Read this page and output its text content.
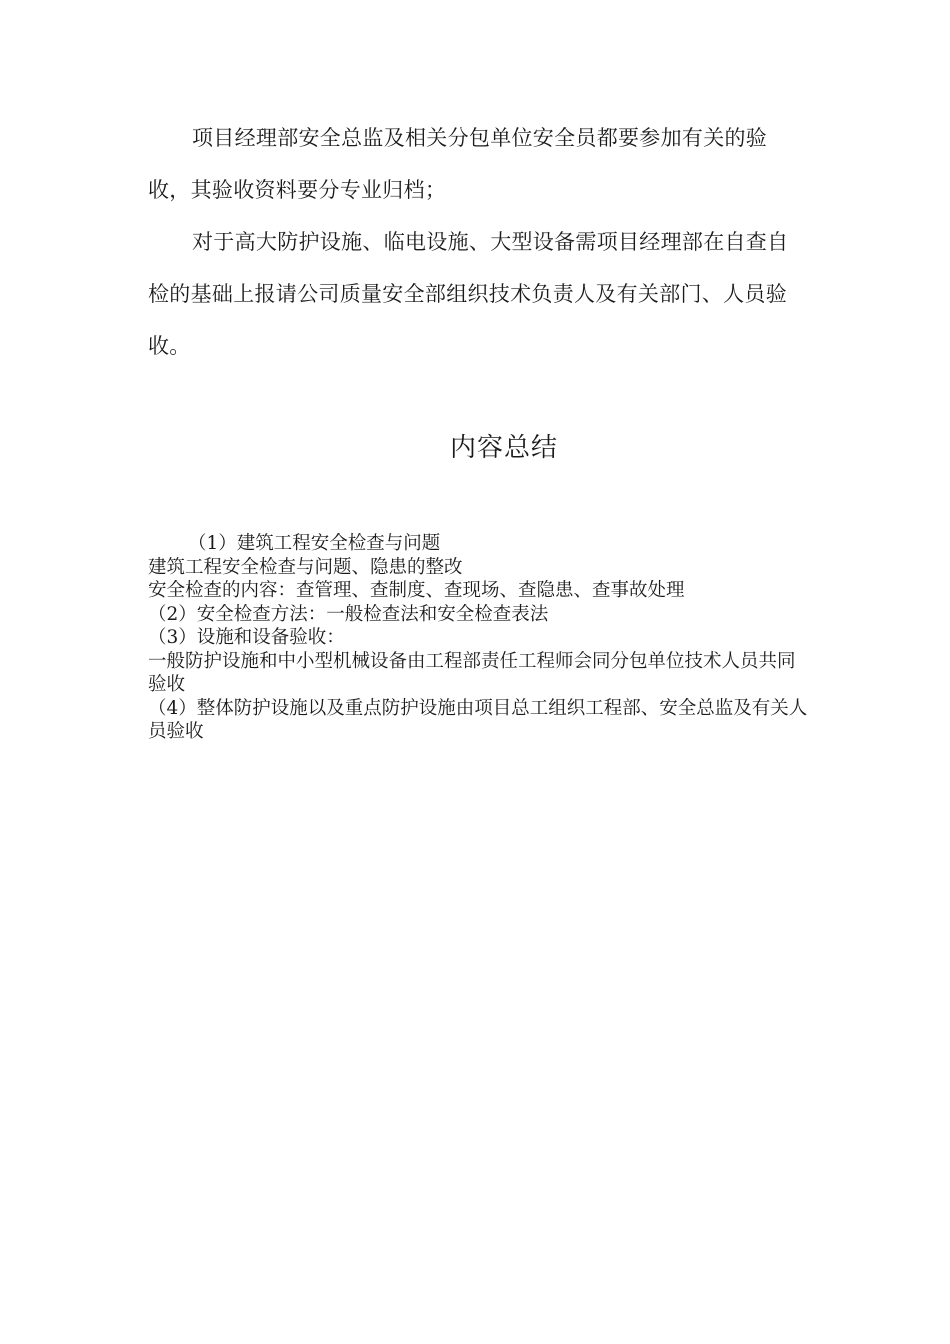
项目经理部安全总监及相关分包单位安全员都要参加有关的验收，其验收资料要分专业归档；

对于高大防护设施、临电设施、大型设备需项目经理部在自查自检的基础上报请公司质量安全部组织技术负责人及有关部门、人员验收。

内容总结
（1）建筑工程安全检查与问题
建筑工程安全检查与问题、隐患的整改
安全检查的内容：查管理、查制度、查现场、查隐患、查事故处理
（2）安全检查方法：一般检查法和安全检查表法
（3）设施和设备验收：
一般防护设施和中小型机械设备由工程部责任工程师会同分包单位技术人员共同验收
（4）整体防护设施以及重点防护设施由项目总工组织工程部、安全总监及有关人员验收
